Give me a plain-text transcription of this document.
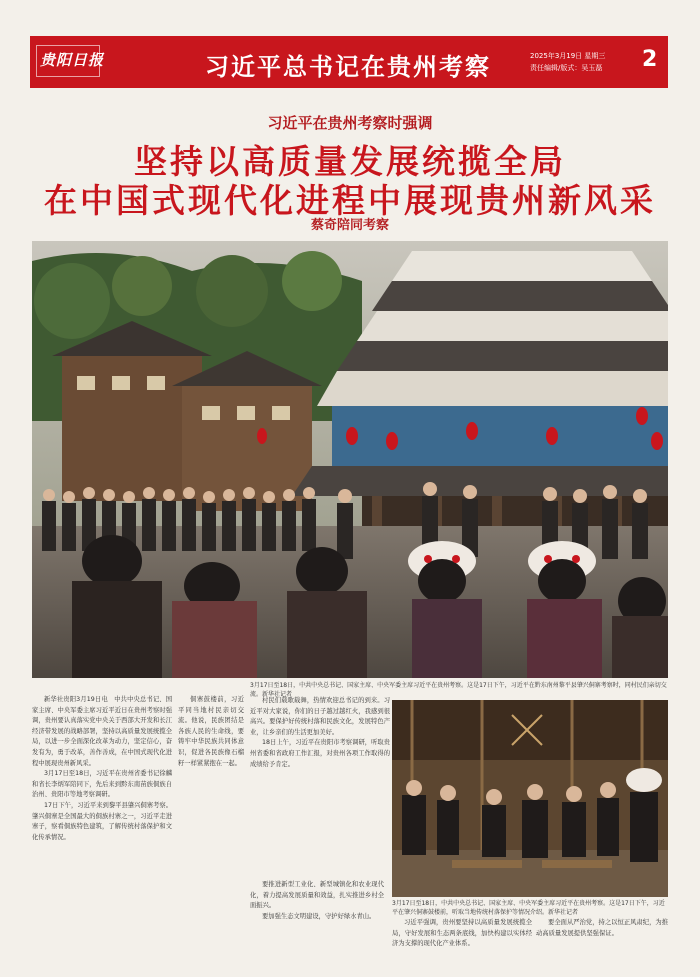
贵阳日报	习近平总书记在贵州考察	2025年3月19日 星期三
责任编辑/版式：吴玉磊 2
习近平在贵州考察时强调
坚持以高质量发展统揽全局
在中国式现代化进程中展现贵州新风采
蔡奇陪同考察
3月17日至18日，中共中央总书记、国家主席、中央军委主席习近平在贵州考察。这是17日下午，习近平在黔东南州黎平县肇兴侗寨考察时，同村民们亲切交流。新华社记者

新华社贵阳3月19日电　中共中央总书记、国家主席、中央军委主席习近平近日在贵州考察时强调，贵州要认真落实党中央关于西部大开发和长江经济带发展的战略部署，坚持以高质量发展统揽全局，以进一步全面深化改革为动力，坚定信心，奋发有为，勇于改革，善作善成，在中国式现代化进程中展现贵州新风采。

3月17日至18日，习近平在贵州省委书记徐麟和省长李炳军陪同下，先后来到黔东南苗族侗族自治州、贵阳市等地考察调研。

17日下午，习近平来到黎平县肇兴侗寨考察。肇兴侗寨是全国最大的侗族村寨之一，习近平走进寨子，察看侗族特色建筑，了解传统村落保护和文化传承情况。

侗寨鼓楼前，习近平同当地村民亲切交流。他说，民族团结是各族人民的生命线，要铸牢中华民族共同体意识，促进各民族像石榴籽一样紧紧抱在一起。

村民们载歌载舞，热情欢迎总书记的到来。习近平对大家说，你们的日子越过越红火，我感到很高兴。要保护好传统村落和民族文化，发展特色产业，让乡亲们的生活更加美好。

18日上午，习近平在贵阳市考察调研，听取贵州省委和省政府工作汇报，对贵州各项工作取得的成绩给予肯定。

要推进新型工业化、新型城镇化和农业现代化，着力提高发展质量和效益，扎实推进乡村全面振兴。

要加强生态文明建设，守护好绿水青山。

习近平强调，贵州要坚持以高质量发展统揽全局，守好发展和生态两条底线，加快构建以实体经济为支撑的现代化产业体系。

要全面从严治党，持之以恒正风肃纪，为推动高质量发展提供坚强保证。

3月17日至18日，中共中央总书记、国家主席、中央军委主席习近平在贵州考察。这是17日下午，习近平在肇兴侗寨鼓楼前，听取当地传统村落保护等情况介绍。新华社记者
